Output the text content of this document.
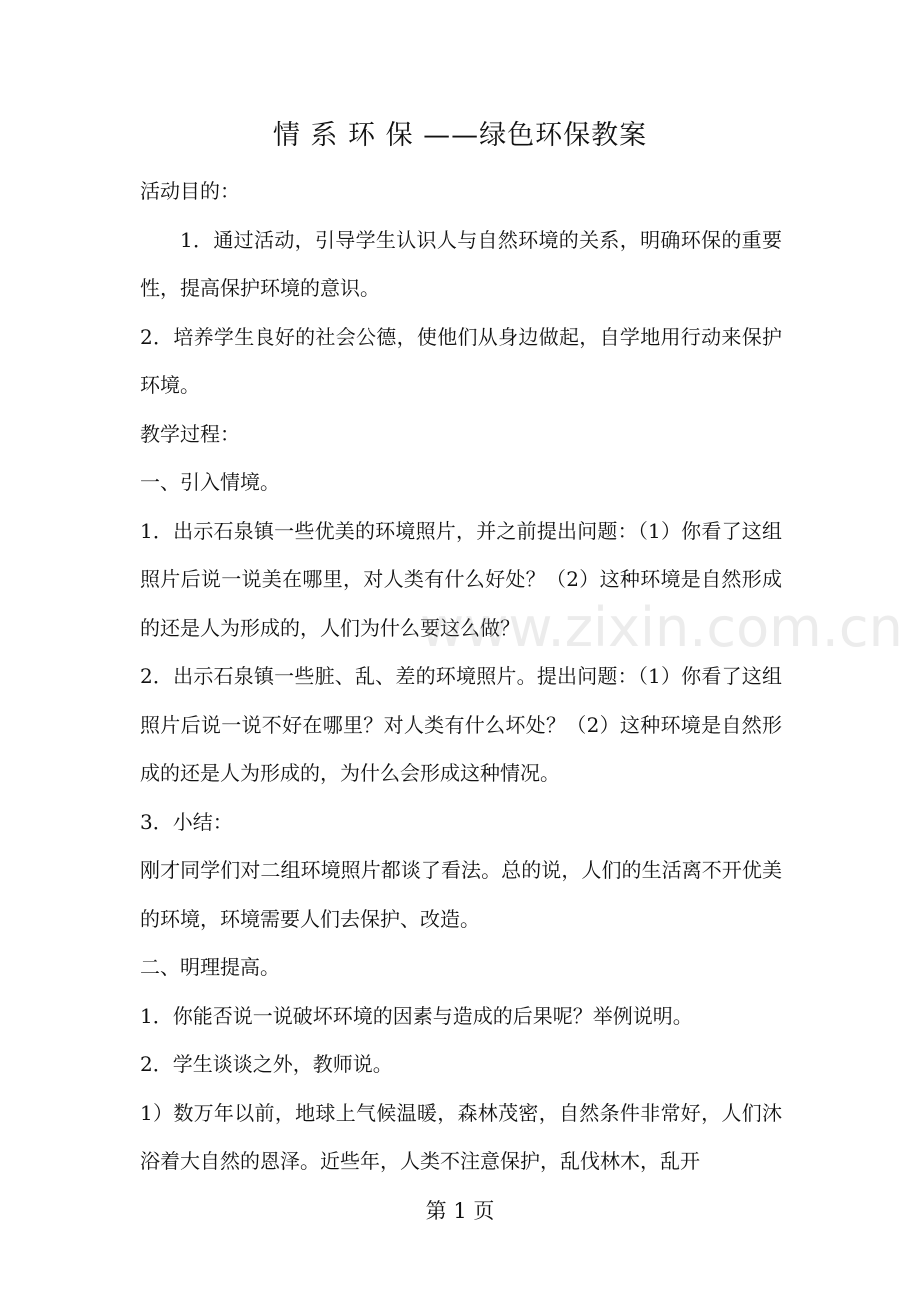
情 系 环 保 ——绿色环保教案

活动目的：

1．通过活动，引导学生认识人与自然环境的关系，明确环保的重要性，提高保护环境的意识。

2．培养学生良好的社会公德，使他们从身边做起，自学地用行动来保护环境。

教学过程：

一、引入情境。

1．出示石泉镇一些优美的环境照片，并之前提出问题：（1）你看了这组照片后说一说美在哪里，对人类有什么好处？（2）这种环境是自然形成的还是人为形成的，人们为什么要这么做？

2．出示石泉镇一些脏、乱、差的环境照片。提出问题：（1）你看了这组照片后说一说不好在哪里？对人类有什么坏处？（2）这种环境是自然形成的还是人为形成的，为什么会形成这种情况。

3．小结：

刚才同学们对二组环境照片都谈了看法。总的说，人们的生活离不开优美的环境，环境需要人们去保护、改造。

二、明理提高。

1．你能否说一说破坏环境的因素与造成的后果呢？举例说明。

2．学生谈谈之外，教师说。

1）数万年以前，地球上气候温暖，森林茂密，自然条件非常好，人们沐浴着大自然的恩泽。近些年，人类不注意保护，乱伐林木，乱开

www.zixin.com.cn
第 1 页
